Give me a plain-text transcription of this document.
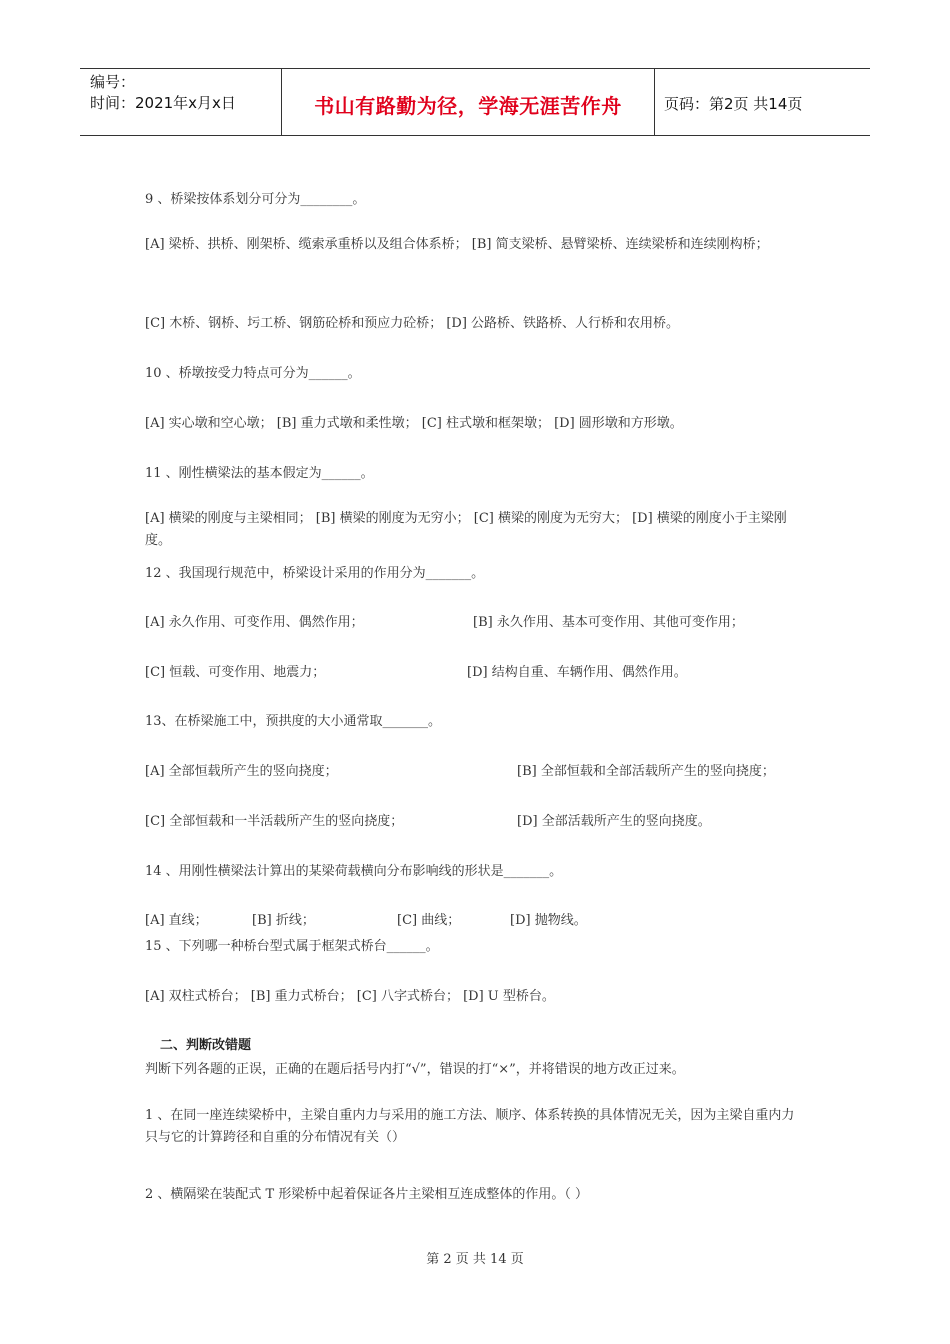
编号：
时间：2021年x月x日	书山有路勤为径，学海无涯苦作舟	页码：第2页 共14页
9 、桥梁按体系划分可分为________。
[A] 梁桥、拱桥、刚架桥、缆索承重桥以及组合体系桥； [B] 简支梁桥、悬臂梁桥、连续梁桥和连续刚构桥；
[C] 木桥、钢桥、圬工桥、钢筋砼桥和预应力砼桥； [D] 公路桥、铁路桥、人行桥和农用桥。
10 、桥墩按受力特点可分为______。
[A] 实心墩和空心墩； [B] 重力式墩和柔性墩； [C] 柱式墩和框架墩； [D] 圆形墩和方形墩。
11 、刚性横梁法的基本假定为______。
[A] 横梁的刚度与主梁相同； [B] 横梁的刚度为无穷小； [C] 横梁的刚度为无穷大； [D] 横梁的刚度小于主梁刚度。
12 、我国现行规范中，桥梁设计采用的作用分为_______。
[A] 永久作用、可变作用、偶然作用；	[B] 永久作用、基本可变作用、其他可变作用；
[C] 恒载、可变作用、地震力；	[D] 结构自重、车辆作用、偶然作用。
13、在桥梁施工中，预拱度的大小通常取_______。
[A] 全部恒载所产生的竖向挠度；	[B] 全部恒载和全部活载所产生的竖向挠度；
[C] 全部恒载和一半活载所产生的竖向挠度；	[D] 全部活载所产生的竖向挠度。
14 、用刚性横梁法计算出的某梁荷载横向分布影响线的形状是_______。
[A] 直线；	[B] 折线；	[C] 曲线；	[D] 抛物线。
15 、下列哪一种桥台型式属于框架式桥台______。
[A] 双柱式桥台； [B] 重力式桥台； [C] 八字式桥台； [D] U 型桥台。
二、判断改错题
判断下列各题的正误，正确的在题后括号内打“√”，错误的打“×”，并将错误的地方改正过来。
1 、在同一座连续梁桥中，主梁自重内力与采用的施工方法、顺序、体系转换的具体情况无关，因为主梁自重内力只与它的计算跨径和自重的分布情况有关（）
2 、横隔梁在装配式 T 形梁桥中起着保证各片主梁相互连成整体的作用。（ ）
第 2 页 共 14 页
